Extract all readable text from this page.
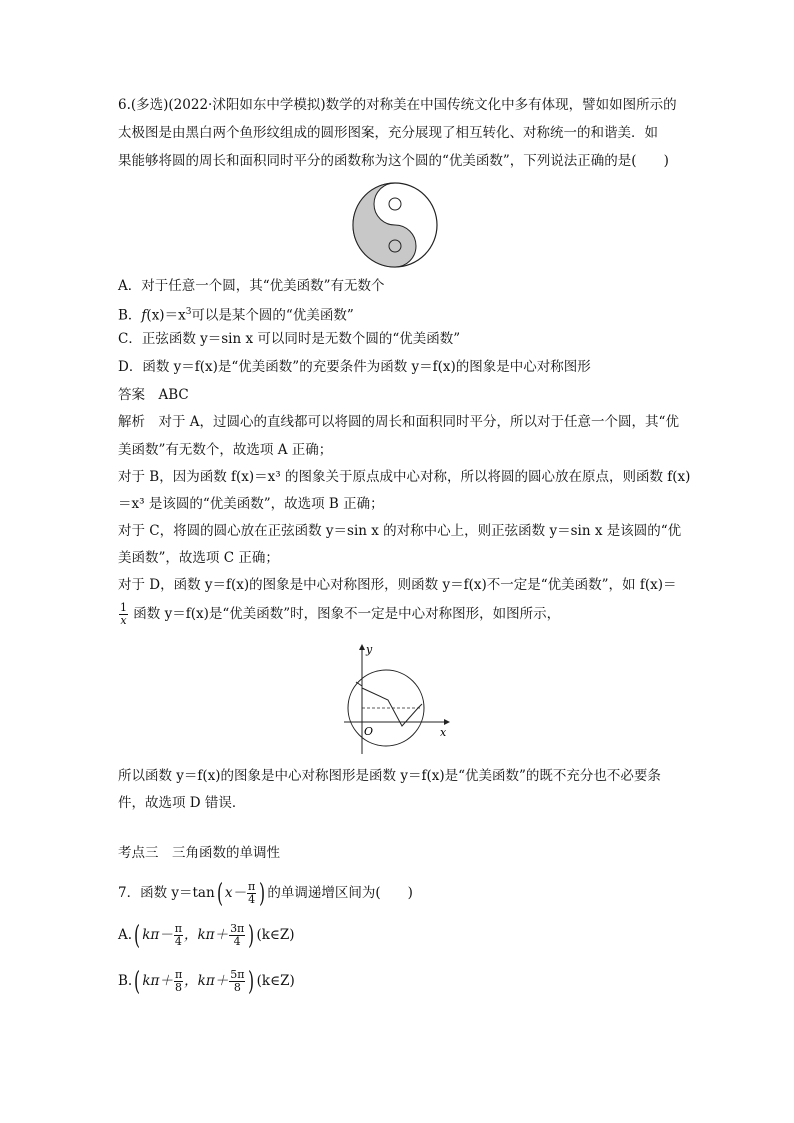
6.(多选)(2022·沭阳如东中学模拟)数学的对称美在中国传统文化中多有体现，譬如如图所示的
太极图是由黑白两个鱼形纹组成的圆形图案，充分展现了相互转化、对称统一的和谐美．如
果能够将圆的周长和面积同时平分的函数称为这个圆的“优美函数”，下列说法正确的是(　　)
A．对于任意一个圆，其“优美函数”有无数个
B．$f(x)=x^3$可以是某个圆的“优美函数”
C．正弦函数 y＝sin x 可以同时是无数个圆的“优美函数”
D．函数 y＝f(x)是“优美函数”的充要条件为函数 y＝f(x)的图象是中心对称图形
答案　 ABC
解析　 对于 A，过圆心的直线都可以将圆的周长和面积同时平分，所以对于任意一个圆，其“优
美函数”有无数个，故选项 A 正确；
对于 B，因为函数 f(x)＝x³ 的图象关于原点成中心对称，所以将圆的圆心放在原点，则函数 f(x)
＝x³ 是该圆的“优美函数”，故选项 B 正确；
对于 C，将圆的圆心放在正弦函数 y＝sin x 的对称中心上，则正弦函数 y＝sin x 是该圆的“优
美函数”，故选项 C 正确；
对于 D，函数 y＝f(x)的图象是中心对称图形，则函数 y＝f(x)不一定是“优美函数”，如 f(x)＝
$\frac{1}{x}$ 函数 y＝f(x)是“优美函数”时，图象不一定是中心对称图形，如图所示，
y
x
O
所以函数 y＝f(x)的图象是中心对称图形是函数 y＝f(x)是“优美函数”的既不充分也不必要条
件，故选项 D 错误．
考点三　三角函数的单调性
7．函数 y＝tan( $x- \frac{\pi}{4}$ ) 的单调递增区间为(　　)
A.( $k\pi- \frac{\pi}{4}$ ，$k\pi+ \frac{3\pi}{4}$ ) (k∈Z)
B.( $k\pi+ \frac{\pi}{8}$ ，$k\pi+ \frac{5\pi}{8}$ ) (k∈Z)
